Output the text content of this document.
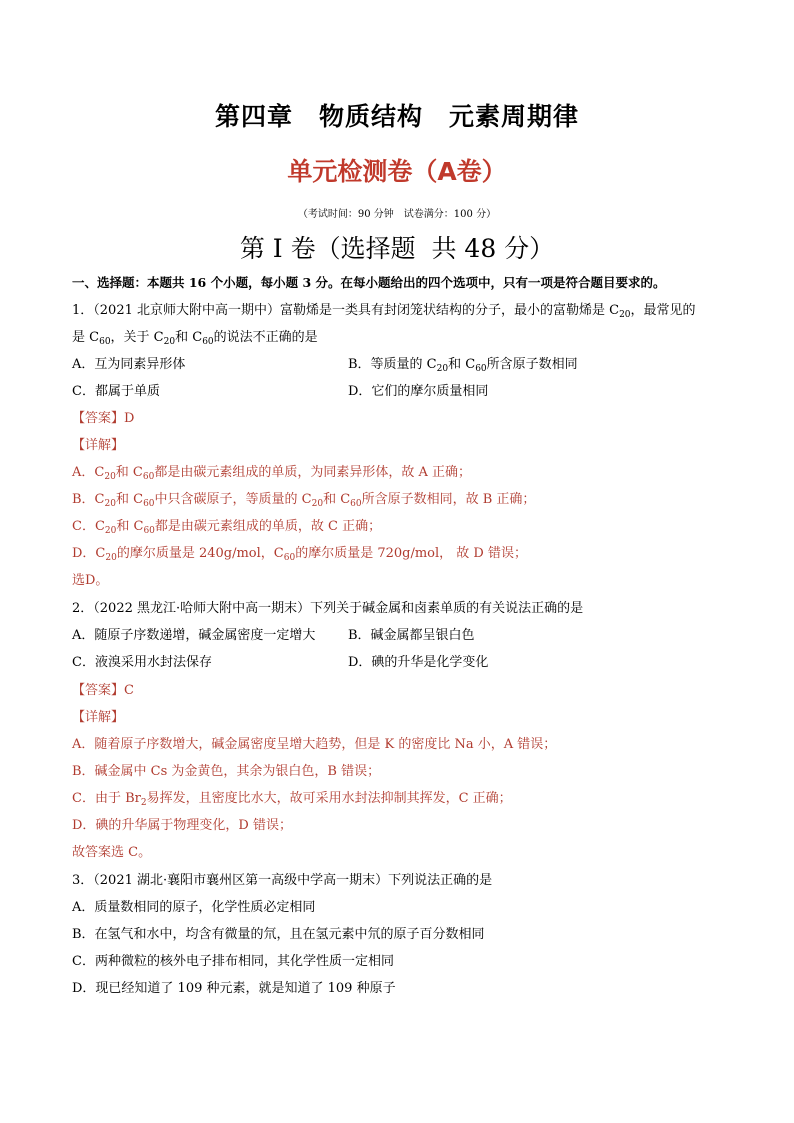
第四章　物质结构　元素周期律
单元检测卷（A卷）
（考试时间：90 分钟　试卷满分：100 分）
第 I 卷（选择题  共 48 分）
一、选择题：本题共 16 个小题，每小题 3 分。在每小题给出的四个选项中，只有一项是符合题目要求的。
1．（2021 北京师大附中高一期中）富勒烯是一类具有封闭笼状结构的分子，最小的富勒烯是 $C_{20}$，最常见的
是 $C_{60}$，关于 $C_{20}$和 $C_{60}$的说法不正确的是
A．互为同素异形体	B．等质量的 $C_{20}$和 $C_{60}$所含原子数相同
C．都属于单质	D．它们的摩尔质量相同
【答案】D
【详解】
A．$C_{20}$和 $C_{60}$都是由碳元素组成的单质，为同素异形体，故 A 正确；
B．$C_{20}$和 $C_{60}$中只含碳原子，等质量的 $C_{20}$和 $C_{60}$所含原子数相同，故 B 正确；
C．$C_{20}$和 $C_{60}$都是由碳元素组成的单质，故 C 正确；
D．$C_{20}$的摩尔质量是 240g/mol，$C_{60}$的摩尔质量是 720g/mol， 故 D 错误；
选D。
2．（2022 黑龙江·哈师大附中高一期末）下列关于碱金属和卤素单质的有关说法正确的是
A．随原子序数递增，碱金属密度一定增大	B．碱金属都呈银白色
C．液溴采用水封法保存	D．碘的升华是化学变化
【答案】C
【详解】
A．随着原子序数增大，碱金属密度呈增大趋势，但是 K 的密度比 Na 小，A 错误；
B．碱金属中 Cs 为金黄色，其余为银白色，B 错误；
C．由于 $Br_2$易挥发，且密度比水大，故可采用水封法抑制其挥发，C 正确；
D．碘的升华属于物理变化，D 错误；
故答案选 C。
3．（2021 湖北·襄阳市襄州区第一高级中学高一期末）下列说法正确的是
A．质量数相同的原子，化学性质必定相同
B．在氢气和水中，均含有微量的氘，且在氢元素中氘的原子百分数相同
C．两种微粒的核外电子排布相同，其化学性质一定相同
D．现已经知道了 109 种元素，就是知道了 109 种原子
